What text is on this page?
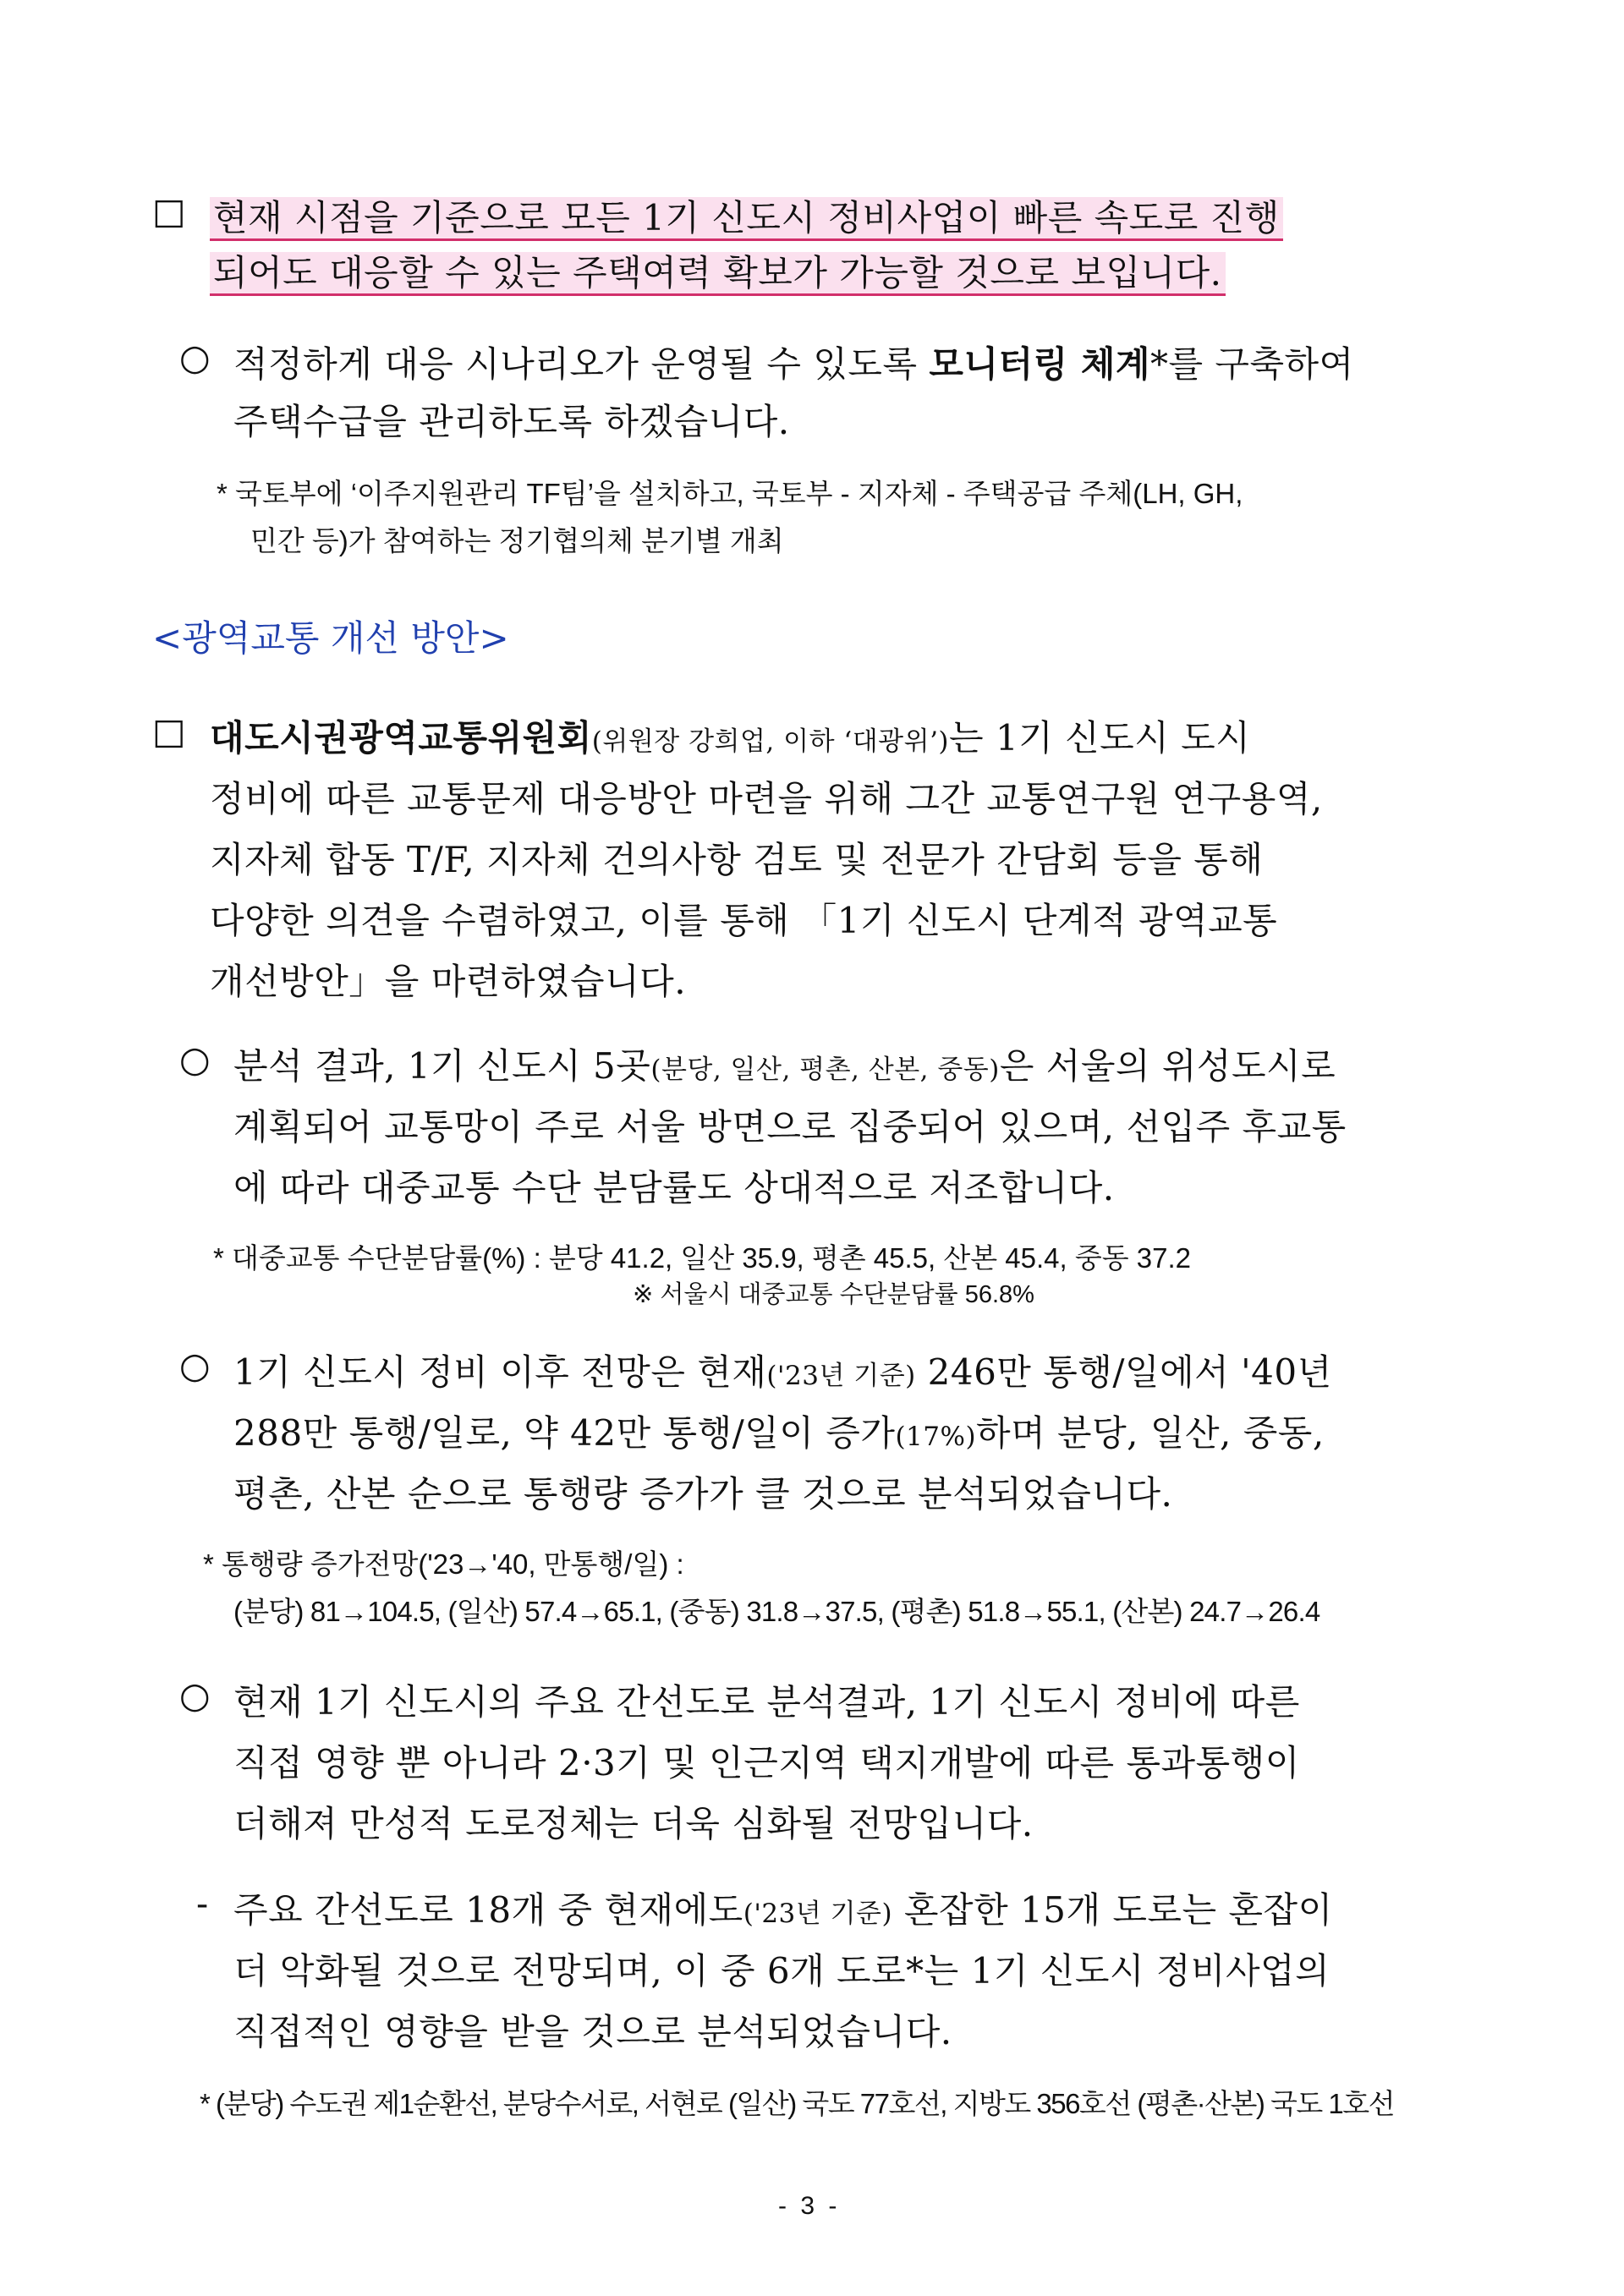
□ 현재 시점을 기준으로 모든 1기 신도시 정비사업이 빠른 속도로 진행
되어도 대응할 수 있는 주택여력 확보가 가능할 것으로 보입니다.
○ 적정하게 대응 시나리오가 운영될 수 있도록 모니터링 체계*를 구축하여
주택수급을 관리하도록 하겠습니다.
* 국토부에 ‘이주지원관리 TF팀’을 설치하고, 국토부 - 지자체 - 주택공급 주체(LH, GH,
민간 등)가 참여하는 정기협의체 분기별 개최
<광역교통 개선 방안>
□ 대도시권광역교통위원회(위원장 강희업, 이하 ‘대광위’)는 1기 신도시 도시
정비에 따른 교통문제 대응방안 마련을 위해 그간 교통연구원 연구용역,
지자체 합동 T/F, 지자체 건의사항 검토 및 전문가 간담회 등을 통해
다양한 의견을 수렴하였고, 이를 통해 「1기 신도시 단계적 광역교통
개선방안」을 마련하였습니다.
○ 분석 결과, 1기 신도시 5곳(분당, 일산, 평촌, 산본, 중동)은 서울의 위성도시로
계획되어 교통망이 주로 서울 방면으로 집중되어 있으며, 선입주 후교통
에 따라 대중교통 수단 분담률도 상대적으로 저조합니다.
* 대중교통 수단분담률(%) : 분당 41.2, 일산 35.9, 평촌 45.5, 산본 45.4, 중동 37.2
※ 서울시 대중교통 수단분담률 56.8%
○ 1기 신도시 정비 이후 전망은 현재('23년 기준) 246만 통행/일에서 '40년
288만 통행/일로, 약 42만 통행/일이 증가(17%)하며 분당, 일산, 중동,
평촌, 산본 순으로 통행량 증가가 클 것으로 분석되었습니다.
* 통행량 증가전망('23→'40, 만통행/일) :
(분당) 81→104.5, (일산) 57.4→65.1, (중동) 31.8→37.5, (평촌) 51.8→55.1, (산본) 24.7→26.4
○ 현재 1기 신도시의 주요 간선도로 분석결과, 1기 신도시 정비에 따른
직접 영향 뿐 아니라 2·3기 및 인근지역 택지개발에 따른 통과통행이
더해져 만성적 도로정체는 더욱 심화될 전망입니다.
- 주요 간선도로 18개 중 현재에도('23년 기준) 혼잡한 15개 도로는 혼잡이
더 악화될 것으로 전망되며, 이 중 6개 도로*는 1기 신도시 정비사업의
직접적인 영향을 받을 것으로 분석되었습니다.
* (분당) 수도권 제1순환선, 분당수서로, 서현로 (일산) 국도 77호선, 지방도 356호선 (평촌·산본) 국도 1호선
- 3 -
